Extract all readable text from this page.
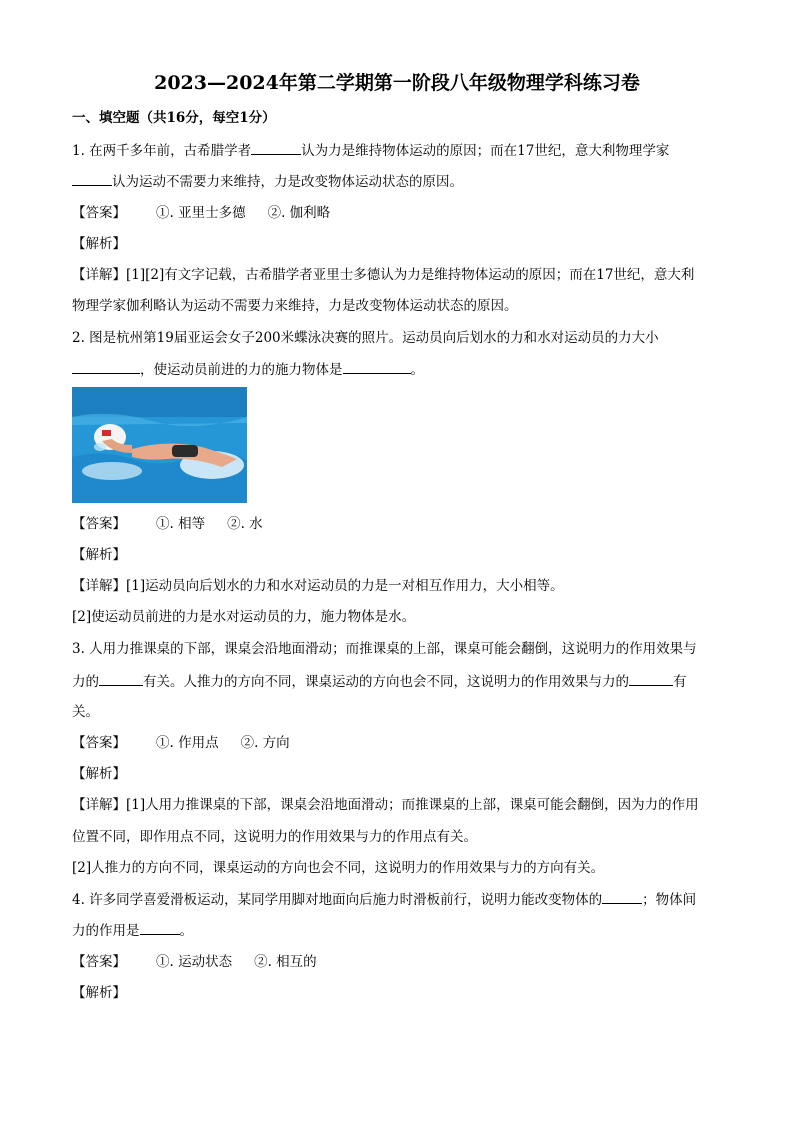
2023—2024年第二学期第一阶段八年级物理学科练习卷
一、填空题（共16分，每空1分）
1. 在两千多年前，古希腊学者	认为力是维持物体运动的原因；而在17世纪，意大利物理学家
认为运动不需要力来维持，力是改变物体运动状态的原因。
【答案】 ①. 亚里士多德 ②. 伽利略
【解析】
【详解】[1][2]有文字记载，古希腊学者亚里士多德认为力是维持物体运动的原因；而在17世纪，意大利
物理学家伽利略认为运动不需要力来维持，力是改变物体运动状态的原因。
2. 图是杭州第19届亚运会女子200米蝶泳决赛的照片。运动员向后划水的力和水对运动员的力大小
，使运动员前进的力的施力物体是	。
【答案】 ①. 相等 ②. 水
【解析】
【详解】[1]运动员向后划水的力和水对运动员的力是一对相互作用力，大小相等。
[2]使运动员前进的力是水对运动员的力，施力物体是水。
3. 人用力推课桌的下部，课桌会沿地面滑动；而推课桌的上部，课桌可能会翻倒，这说明力的作用效果与
力的	有关。人推力的方向不同，课桌运动的方向也会不同，这说明力的作用效果与力的	有
关。
【答案】 ①. 作用点 ②. 方向
【解析】
【详解】[1]人用力推课桌的下部，课桌会沿地面滑动；而推课桌的上部，课桌可能会翻倒，因为力的作用
位置不同，即作用点不同，这说明力的作用效果与力的作用点有关。
[2]人推力的方向不同，课桌运动的方向也会不同，这说明力的作用效果与力的方向有关。
4. 许多同学喜爱滑板运动，某同学用脚对地面向后施力时滑板前行，说明力能改变物体的	；物体间
力的作用是	。
【答案】 ①. 运动状态 ②. 相互的
【解析】
